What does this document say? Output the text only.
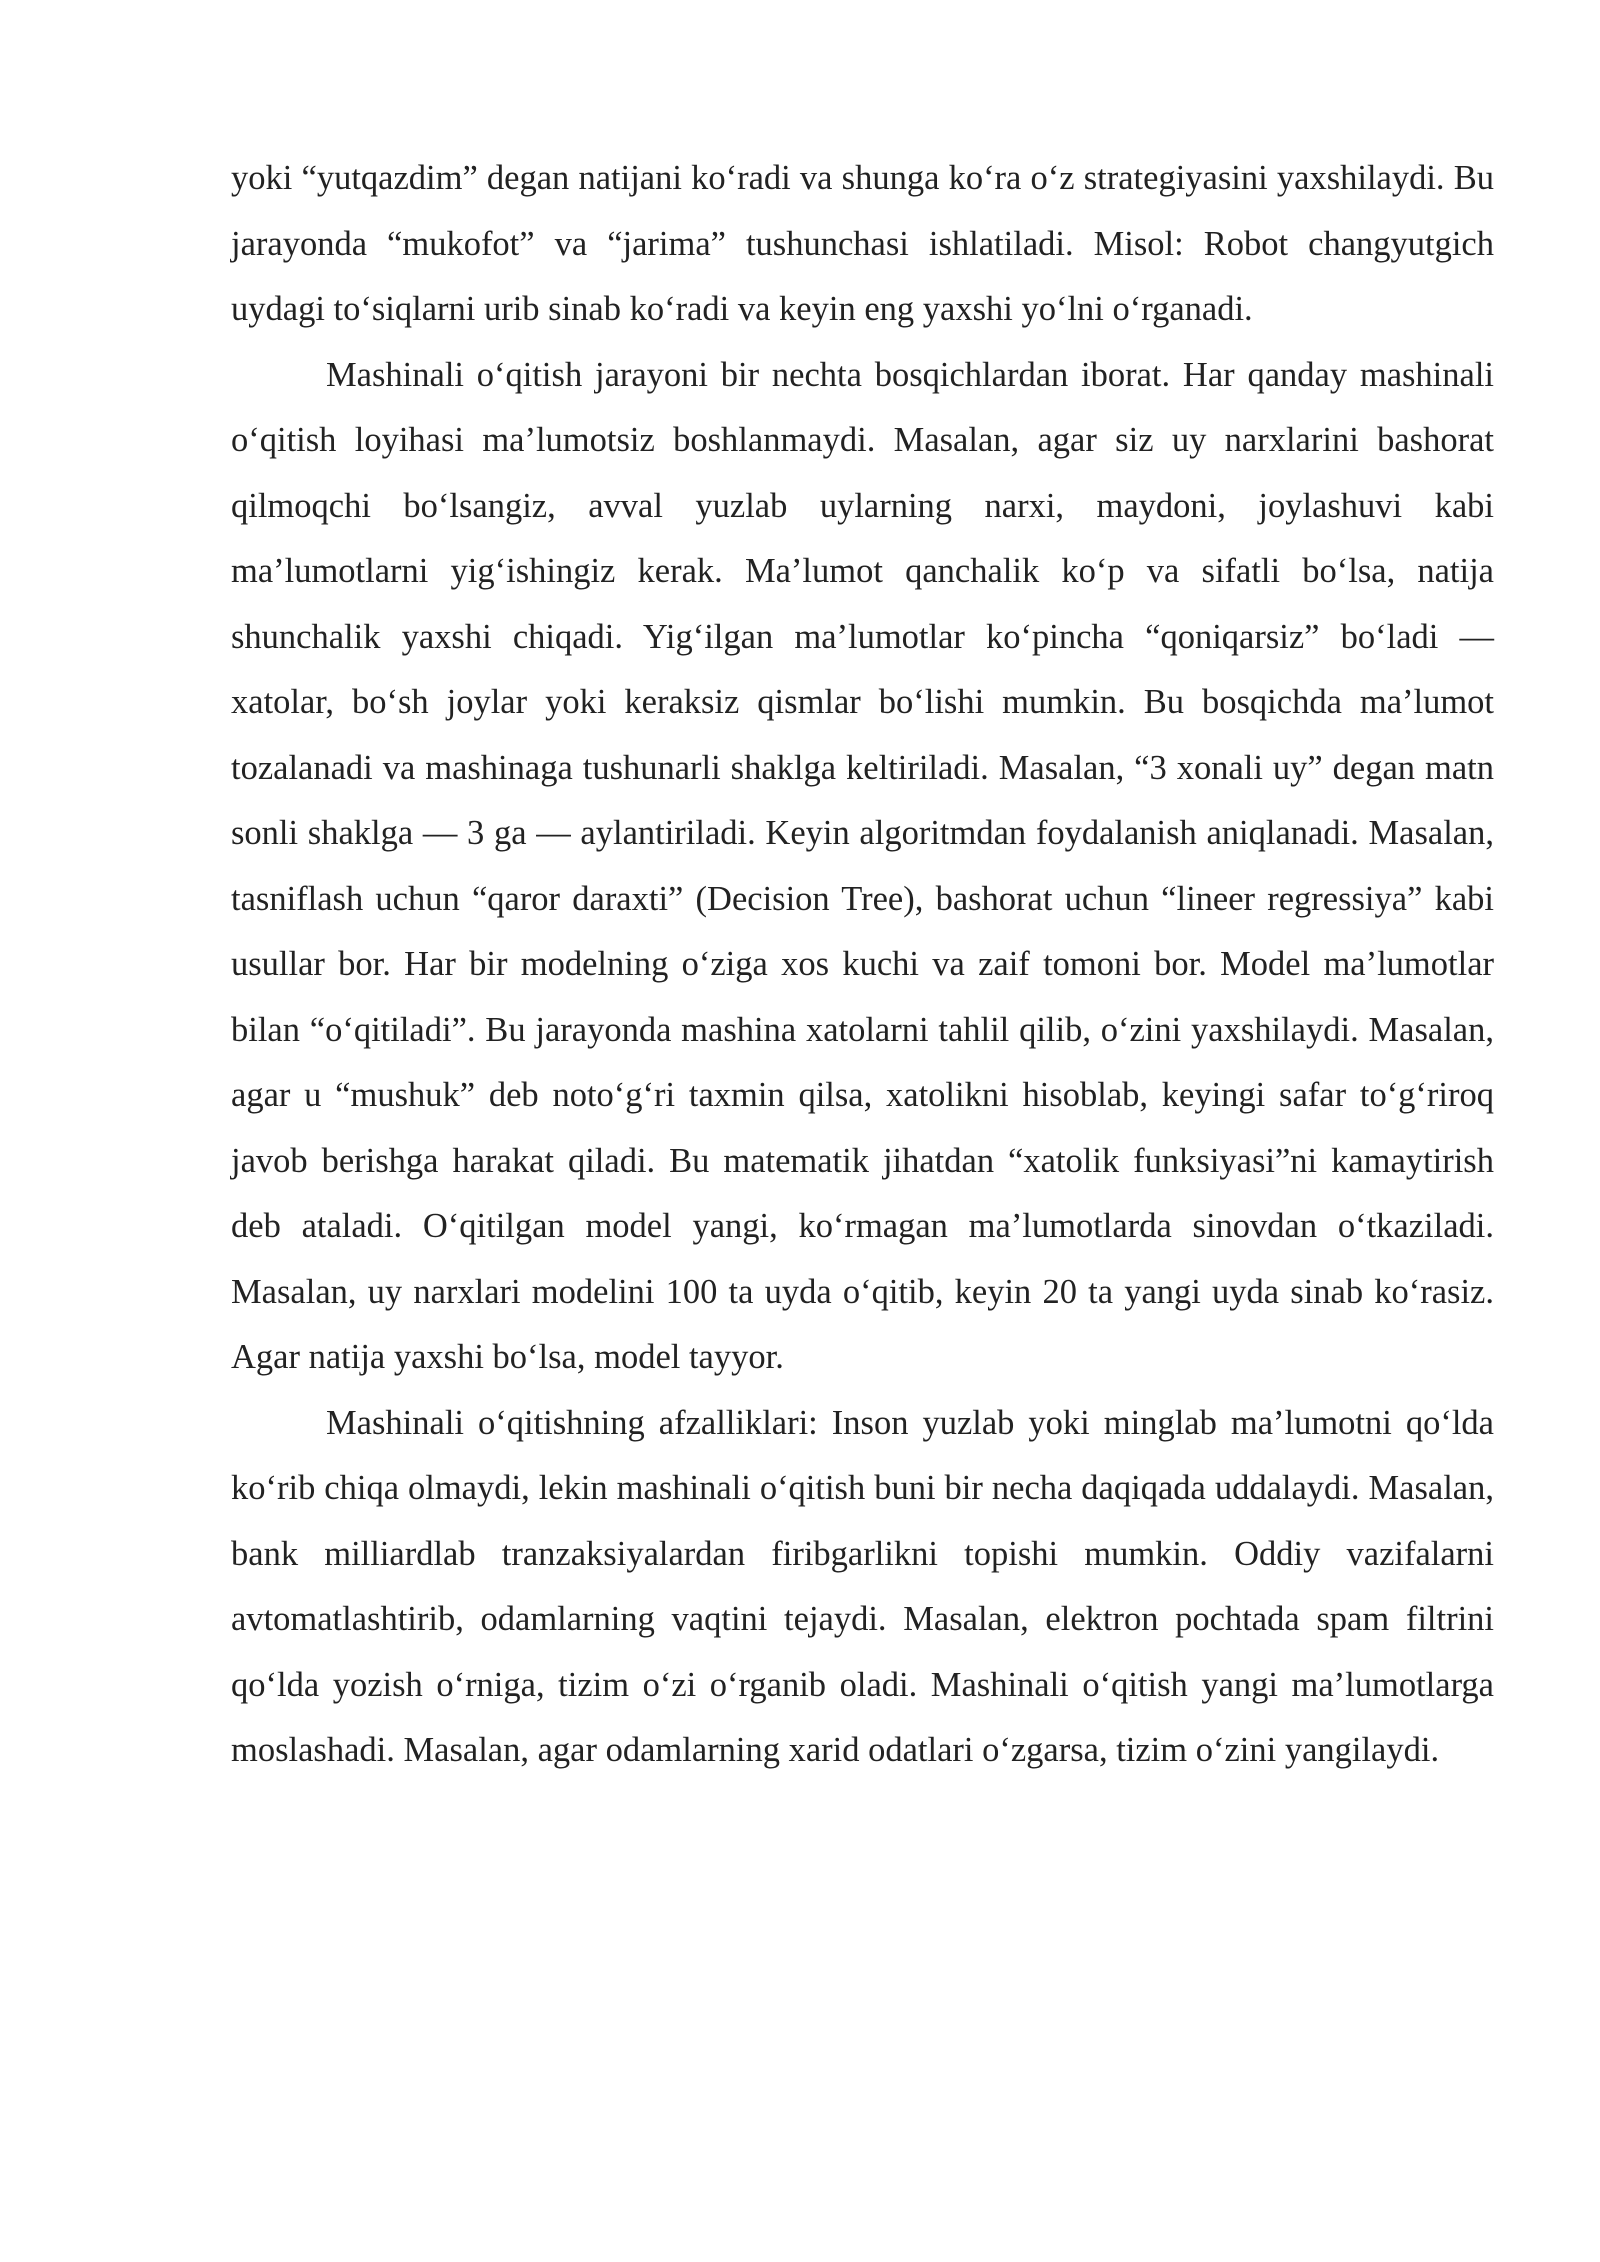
yoki “yutqazdim” degan natijani koʻradi va shunga koʻra oʻz strategiyasini yaxshilaydi. Bu jarayonda “mukofot” va “jarima” tushunchasi ishlatiladi. Misol: Robot changyutgich uydagi toʻsiqlarni urib sinab koʻradi va keyin eng yaxshi yoʻlni oʻrganadi.

Mashinali oʻqitish jarayoni bir nechta bosqichlardan iborat. Har qanday mashinali oʻqitish loyihasi ma’lumotsiz boshlanmaydi. Masalan, agar siz uy narxlarini bashorat qilmoqchi boʻlsangiz, avval yuzlab uylarning narxi, maydoni, joylashuvi kabi ma’lumotlarni yigʻishingiz kerak. Ma’lumot qanchalik koʻp va sifatli boʻlsa, natija shunchalik yaxshi chiqadi. Yigʻilgan ma’lumotlar koʻpincha “qoniqarsiz” boʻladi — xatolar, boʻsh joylar yoki keraksiz qismlar boʻlishi mumkin. Bu bosqichda ma’lumot tozalanadi va mashinaga tushunarli shaklga keltiriladi. Masalan, “3 xonali uy” degan matn sonli shaklga — 3 ga — aylantiriladi. Keyin algoritmdan foydalanish aniqlanadi. Masalan, tasniflash uchun “qaror daraxti” (Decision Tree), bashorat uchun “lineer regressiya” kabi usullar bor. Har bir modelning oʻziga xos kuchi va zaif tomoni bor. Model ma’lumotlar bilan “oʻqitiladi”. Bu jarayonda mashina xatolarni tahlil qilib, oʻzini yaxshilaydi. Masalan, agar u “mushuk” deb notoʻgʻri taxmin qilsa, xatolikni hisoblab, keyingi safar toʻgʻriroq javob berishga harakat qiladi. Bu matematik jihatdan “xatolik funksiyasi”ni kamaytirish deb ataladi. Oʻqitilgan model yangi, koʻrmagan ma’lumotlarda sinovdan oʻtkaziladi. Masalan, uy narxlari modelini 100 ta uyda oʻqitib, keyin 20 ta yangi uyda sinab koʻrasiz. Agar natija yaxshi boʻlsa, model tayyor.

Mashinali oʻqitishning afzalliklari: Inson yuzlab yoki minglab ma’lumotni qoʻlda koʻrib chiqa olmaydi, lekin mashinali oʻqitish buni bir necha daqiqada uddalaydi. Masalan, bank milliardlab tranzaksiyalardan firibgarlikni topishi mumkin. Oddiy vazifalarni avtomatlashtirib, odamlarning vaqtini tejaydi. Masalan, elektron pochtada spam filtrini qoʻlda yozish oʻrniga, tizim oʻzi oʻrganib oladi. Mashinali oʻqitish yangi ma’lumotlarga moslashadi. Masalan, agar odamlarning xarid odatlari oʻzgarsa, tizim oʻzini yangilaydi.
